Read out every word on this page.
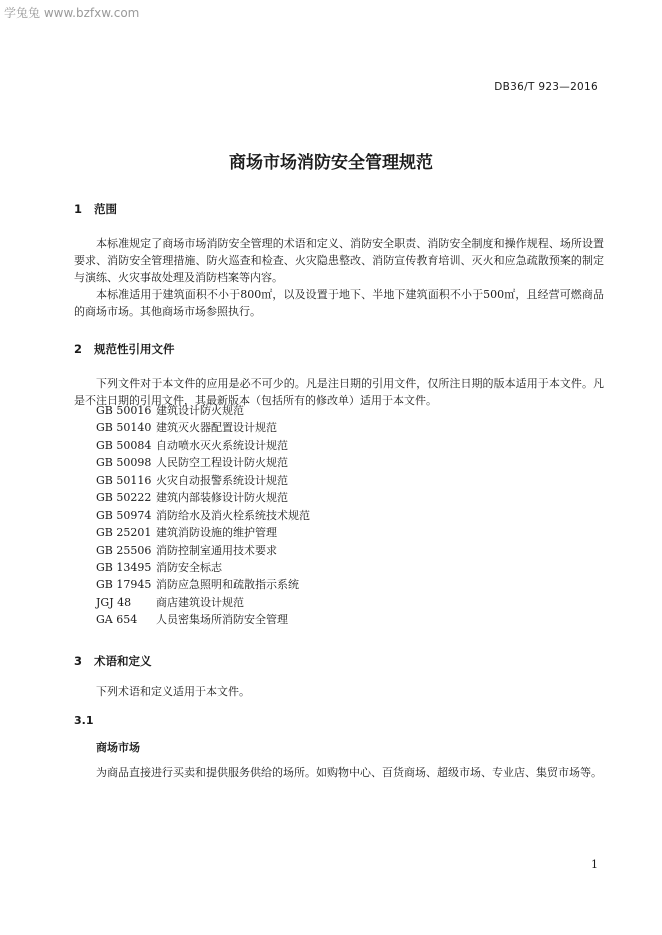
学兔兔 www.bzfxw.com
DB36/T 923—2016
商场市场消防安全管理规范
1 范围

本标准规定了商场市场消防安全管理的术语和定义、消防安全职责、消防安全制度和操作规程、场所设置要求、消防安全管理措施、防火巡查和检查、火灾隐患整改、消防宣传教育培训、灭火和应急疏散预案的制定与演练、火灾事故处理及消防档案等内容。

本标准适用于建筑面积不小于800㎡，以及设置于地下、半地下建筑面积不小于500㎡，且经营可燃商品的商场市场。其他商场市场参照执行。

2 规范性引用文件

下列文件对于本文件的应用是必不可少的。凡是注日期的引用文件，仅所注日期的版本适用于本文件。凡是不注日期的引用文件，其最新版本（包括所有的修改单）适用于本文件。

GB 50016 建筑设计防火规范
GB 50140 建筑灭火器配置设计规范
GB 50084 自动喷水灭火系统设计规范
GB 50098 人民防空工程设计防火规范
GB 50116 火灾自动报警系统设计规范
GB 50222 建筑内部装修设计防火规范
GB 50974 消防给水及消火栓系统技术规范
GB 25201 建筑消防设施的维护管理
GB 25506 消防控制室通用技术要求
GB 13495 消防安全标志
GB 17945 消防应急照明和疏散指示系统
JGJ 48 商店建筑设计规范
GA 654 人员密集场所消防安全管理
3 术语和定义

下列术语和定义适用于本文件。

3.1
商场市场

为商品直接进行买卖和提供服务供给的场所。如购物中心、百货商场、超级市场、专业店、集贸市场等。

1
